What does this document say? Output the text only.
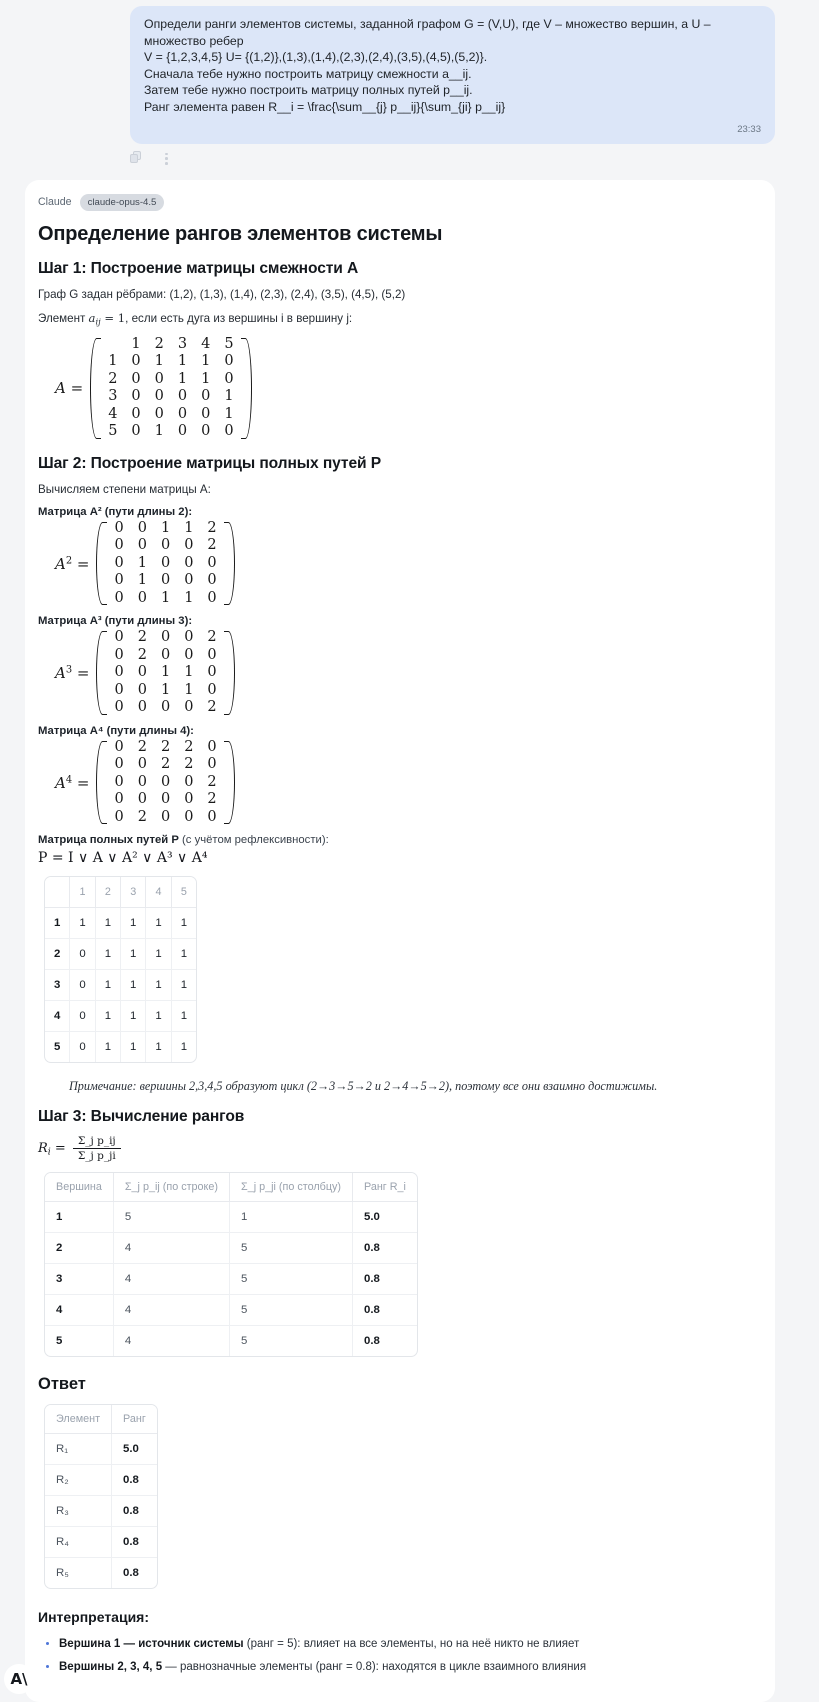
Определи ранги элементов системы, заданной графом G = (V,U), где V – множество вершин, а U – множество ребер
V = {1,2,3,4,5} U= {(1,2)},(1,3),(1,4),(2,3),(2,4),(3,5),(4,5),(5,2)}.
Сначала тебе нужно построить матрицу смежности a__ij.
Затем тебе нужно построить матрицу полных путей p__ij.
Ранг элемента равен R__i = \frac{\sum__{j} p__ij}{\sum_{ji} p__ij}
23:33
Claude	claude-opus-4.5
Определение рангов элементов системы
Шаг 1: Построение матрицы смежности A

Граф G задан рёбрами: (1,2), (1,3), (1,4), (2,3), (2,4), (3,5), (4,5), (5,2)

Элемент $a_{ij} = 1$, если есть дуга из вершины i в вершину j:

A =
	1	2	3	4	5
1	0	1	1	1	0
2	0	0	1	1	0
3	0	0	0	0	1
4	0	0	0	0	1
5	0	1	0	0	0
Шаг 2: Построение матрицы полных путей P

Вычисляем степени матрицы A:

Матрица A² (пути длины 2):
$A^2$ =
0	0	1	1	2
0	0	0	0	2
0	1	0	0	0
0	1	0	0	0
0	0	1	1	0
Матрица A³ (пути длины 3):
$A^3$ =
0	2	0	0	2
0	2	0	0	0
0	0	1	1	0
0	0	1	1	0
0	0	0	0	2
Матрица A⁴ (пути длины 4):
$A^4$ =
0	2	2	2	0
0	0	2	2	0
0	0	0	0	2
0	0	0	0	2
0	2	0	0	0
Матрица полных путей P (с учётом рефлексивности):
P = I ∨ A ∨ A² ∨ A³ ∨ A⁴
	1	2	3	4	5
1	1	1	1	1	1
2	0	1	1	1	1
3	0	1	1	1	1
4	0	1	1	1	1
5	0	1	1	1	1
Примечание: вершины 2,3,4,5 образуют цикл (2→3→5→2 и 2→4→5→2), поэтому все они взаимно достижимы.
Шаг 3: Вычисление рангов
$R_i = \frac{\text{Σ\_j p\_ij}}{\text{Σ\_j p\_ji}}$
Вершина	Σ_j p_ij (по строке)	Σ_j p_ji (по столбцу)	Ранг R_i
1	5	1	5.0
2	4	5	0.8
3	4	5	0.8
4	4	5	0.8
5	4	5	0.8
Ответ
Элемент	Ранг
R₁	5.0
R₂	0.8
R₃	0.8
R₄	0.8
R₅	0.8
Интерпретация:
• Вершина 1 — источник системы (ранг = 5): влияет на все элементы, но на неё никто не влияет
• Вершины 2, 3, 4, 5 — равнозначные элементы (ранг = 0.8): находятся в цикле взаимного влияния
A\
